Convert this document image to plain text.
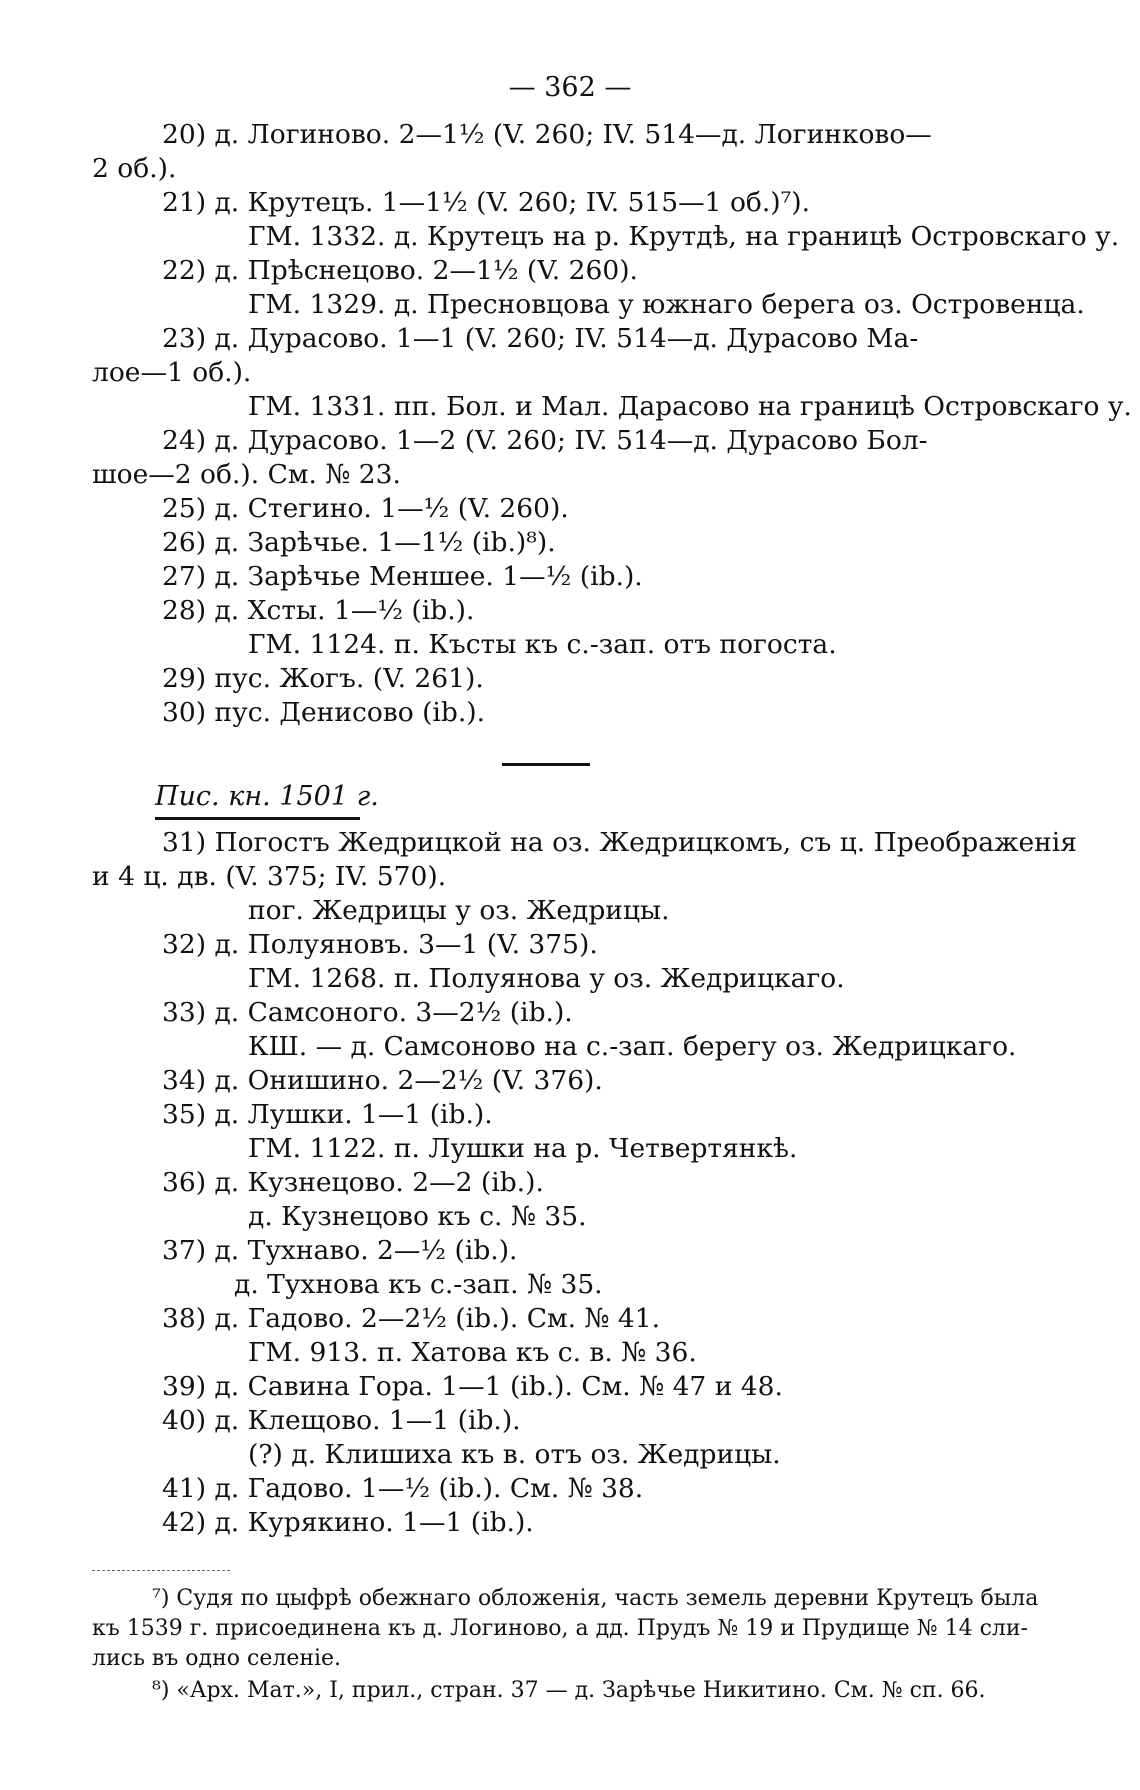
— 362 —
20) д. Логиново. 2—1½ (V. 260; IV. 514—д. Логинково—
2 об.).
21) д. Крутецъ. 1—1½ (V. 260; IV. 515—1 об.)⁷).
ГМ. 1332. д. Крутецъ на р. Крутдѣ, на границѣ Островскаго у.
22) д. Прѣснецово. 2—1½ (V. 260).
ГМ. 1329. д. Пресновцова у южнаго берега оз. Островенца.
23) д. Дурасово. 1—1 (V. 260; IV. 514—д. Дурасово Ма-
лое—1 об.).
ГМ. 1331. пп. Бол. и Мал. Дарасово на границѣ Островскаго у.
24) д. Дурасово. 1—2 (V. 260; IV. 514—д. Дурасово Бол-
шое—2 об.). См. № 23.
25) д. Стегино. 1—½ (V. 260).
26) д. Зарѣчье. 1—1½ (ib.)⁸).
27) д. Зарѣчье Меншее. 1—½ (ib.).
28) д. Хсты. 1—½ (ib.).
ГМ. 1124. п. Късты къ с.-зап. отъ погоста.
29) пус. Жогъ. (V. 261).
30) пус. Денисово (ib.).
Пис. кн. 1501 г.
31) Погостъ Жедрицкой на оз. Жедрицкомъ, съ ц. Преображенія
и 4 ц. дв. (V. 375; IV. 570).
пог. Жедрицы у оз. Жедрицы.
32) д. Полуяновъ. 3—1 (V. 375).
ГМ. 1268. п. Полуянова у оз. Жедрицкаго.
33) д. Самсоного. 3—2½ (ib.).
КШ. — д. Самсоново на с.-зап. берегу оз. Жедрицкаго.
34) д. Онишино. 2—2½ (V. 376).
35) д. Лушки. 1—1 (ib.).
ГМ. 1122. п. Лушки на р. Четвертянкѣ.
36) д. Кузнецово. 2—2 (ib.).
д. Кузнецово къ с. № 35.
37) д. Тухнаво. 2—½ (ib.).
д. Тухнова къ с.-зап. № 35.
38) д. Гадово. 2—2½ (ib.). См. № 41.
ГМ. 913. п. Хатова къ с. в. № 36.
39) д. Савина Гора. 1—1 (ib.). См. № 47 и 48.
40) д. Клещово. 1—1 (ib.).
(?) д. Клишиха къ в. отъ оз. Жедрицы.
41) д. Гадово. 1—½ (ib.). См. № 38.
42) д. Курякино. 1—1 (ib.).
⁷) Судя по цыфрѣ обежнаго обложенія, часть земель деревни Крутецъ была
къ 1539 г. присоединена къ д. Логиново, а дд. Прудъ № 19 и Прудище № 14 сли-
лись въ одно селеніе.
⁸) «Арх. Мат.», I, прил., стран. 37 — д. Зарѣчье Никитино. См. № сп. 66.
